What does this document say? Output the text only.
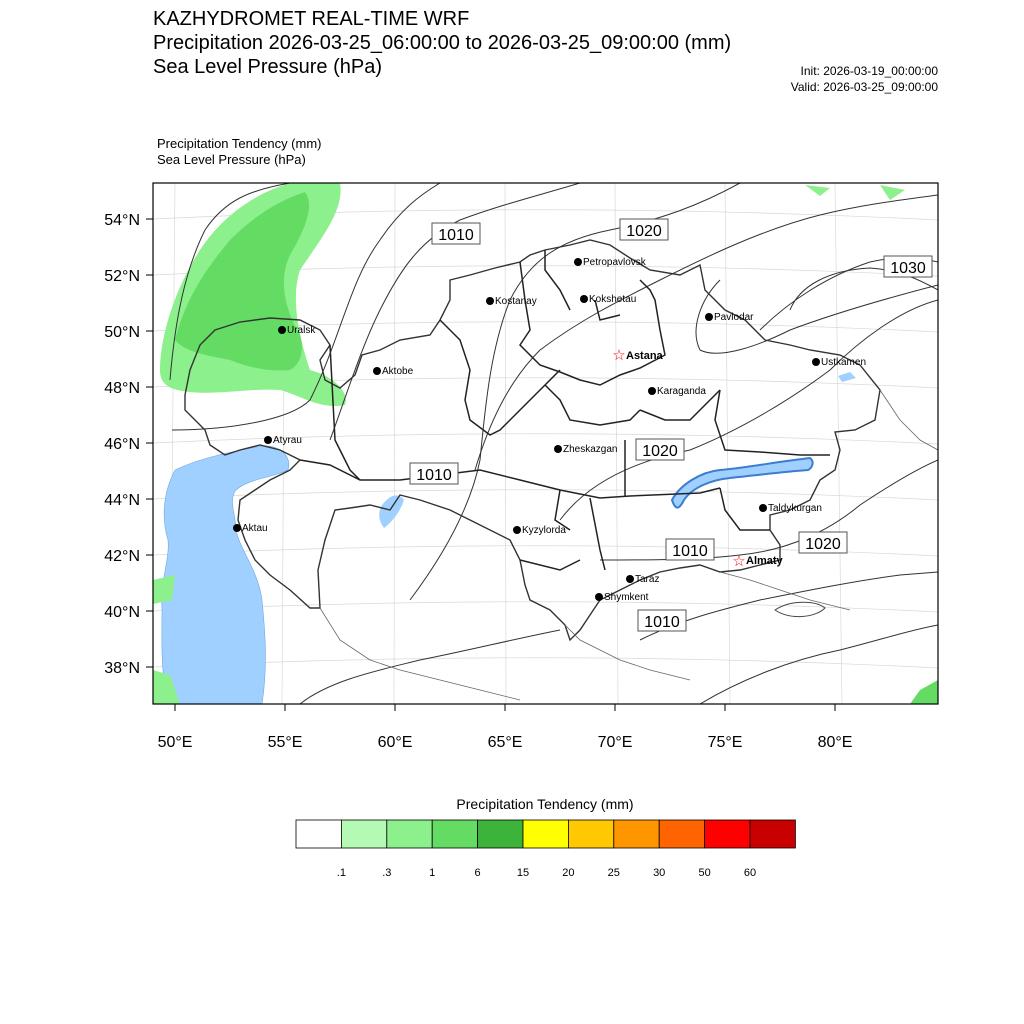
KAZHYDROMET REAL-TIME WRF
Precipitation 2026-03-25_06:00:00 to 2026-03-25_09:00:00 (mm)
Sea Level Pressure (hPa)	Init: 2026-03-19_00:00:00
Valid: 2026-03-25_09:00:00
Precipitation Tendency (mm)
Sea Level Pressure (hPa)
54°N
52°N
50°N
48°N
46°N
44°N
42°N
40°N
38°N
50°E	55°E	60°E	65°E	70°E	75°E	80°E
1010	1020
1030
1020
1010
1010	1020
1010
Petropavlovsk
Kostanay	Kokshetau
Pavlodar
Uralsk
☆ Astana
Aktobe
Ustkamen
Karaganda
Atyrau
Zheskazgan
Taldykurgan
Aktau	Kyzylorda
☆ Almaty
Taraz
Shymkent
Precipitation Tendency (mm)
.1	.3	1	6	15	20	25	30	50	60
